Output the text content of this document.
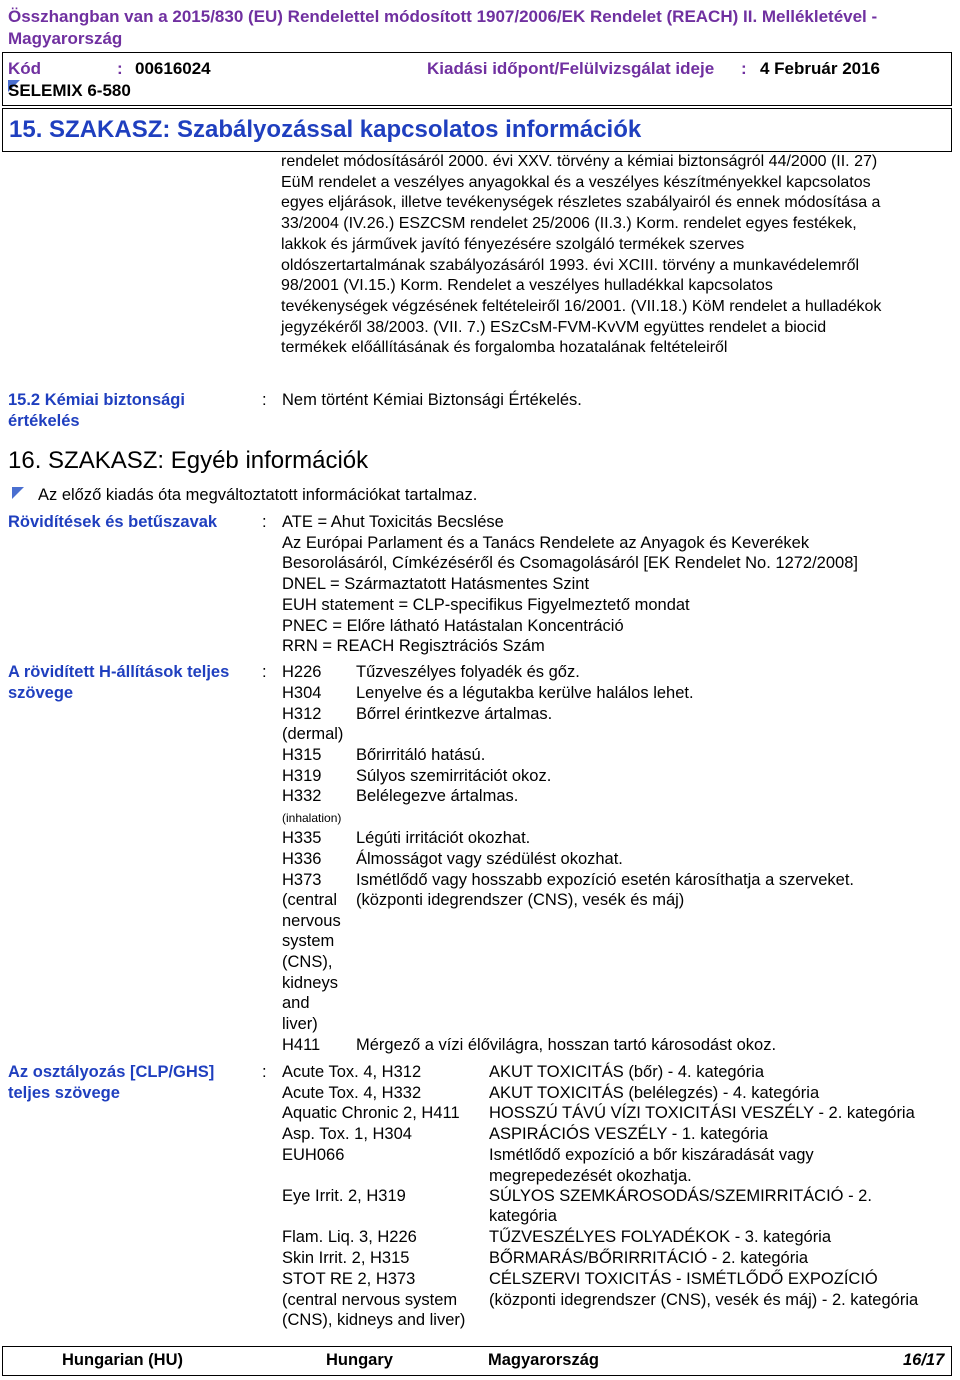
Összhangban van a 2015/830 (EU) Rendelettel módosított 1907/2006/EK Rendelet (REACH) II. Mellékletével - Magyarország
Kód	: 00616024	Kiadási időpont/Felülvizsgálat ideje : 4 Február 2016
SELEMIX 6-580
15. SZAKASZ: Szabályozással kapcsolatos információk
rendelet módosításáról 2000. évi XXV. törvény a kémiai biztonságról 44/2000 (II. 27)
EüM rendelet a veszélyes anyagokkal és a veszélyes készítményekkel kapcsolatos
egyes eljárások, illetve tevékenységek részletes szabályairól és ennek módosítása a
33/2004 (IV.26.) ESZCSM rendelet 25/2006 (II.3.) Korm. rendelet egyes festékek,
lakkok és járművek javító fényezésére szolgáló termékek szerves
oldószertartalmának szabályozásáról 1993. évi XCIII. törvény a munkavédelemről
98/2001 (VI.15.) Korm. Rendelet a veszélyes hulladékkal kapcsolatos
tevékenységek végzésének feltételeiről 16/2001. (VII.18.) KöM rendelet a hulladékok
jegyzékéről 38/2003. (VII. 7.) ESzCsM-FVM-KvVM együttes rendelet a biocid
termékek előállításának és forgalomba hozatalának feltételeiről
15.2 Kémiai biztonsági
értékelés
: Nem történt Kémiai Biztonsági Értékelés.
16. SZAKASZ: Egyéb információk
Az előző kiadás óta megváltoztatott információkat tartalmaz.
Rövidítések és betűszavak	: ATE = Ahut Toxicitás Becslése
Az Európai Parlament és a Tanács Rendelete az Anyagok és Keverékek
Besorolásáról, Címkézéséről és Csomagolásáról [EK Rendelet No. 1272/2008]
DNEL = Származtatott Hatásmentes Szint
EUH statement = CLP-specifikus Figyelmeztető mondat
PNEC = Előre látható Hatástalan Koncentráció
RRN = REACH Regisztrációs Szám
A rövidített H-állítások teljes
szövege
: H226 Tűzveszélyes folyadék és gőz.
H304 Lenyelve és a légutakba kerülve halálos lehet.
H312 Bőrrel érintkezve ártalmas.
(dermal)
H315 Bőrirritáló hatású.
H319 Súlyos szemirritációt okoz.
H332 Belélegezve ártalmas.
(inhalation)
H335 Légúti irritációt okozhat.
H336 Álmosságot vagy szédülést okozhat.
H373 Ismétlődő vagy hosszabb expozíció esetén károsíthatja a szerveket.
(central (központi idegrendszer (CNS), vesék és máj)
nervous
system
(CNS),
kidneys
and
liver)
H411 Mérgező a vízi élővilágra, hosszan tartó károsodást okoz.
Az osztályozás [CLP/GHS]
teljes szövege
: Acute Tox. 4, H312	AKUT TOXICITÁS (bőr) - 4. kategória
Acute Tox. 4, H332	AKUT TOXICITÁS (belélegzés) - 4. kategória
Aquatic Chronic 2, H411 HOSSZÚ TÁVÚ VÍZI TOXICITÁSI VESZÉLY - 2. kategória
Asp. Tox. 1, H304	ASPIRÁCIÓS VESZÉLY - 1. kategória
EUH066	Ismétlődő expozíció a bőr kiszáradását vagy
megrepedezését okozhatja.
Eye Irrit. 2, H319	SÚLYOS SZEMKÁROSODÁS/SZEMIRRITÁCIÓ - 2.
kategória
Flam. Liq. 3, H226	TŰZVESZÉLYES FOLYADÉKOK - 3. kategória
Skin Irrit. 2, H315	BŐRMARÁS/BŐRIRRITÁCIÓ - 2. kategória
STOT RE 2, H373	CÉLSZERVI TOXICITÁS - ISMÉTLŐDŐ EXPOZÍCIÓ
(central nervous system (központi idegrendszer (CNS), vesék és máj) - 2. kategória
(CNS), kidneys and liver)
Hungarian (HU)	Hungary	Magyarország	16/17
